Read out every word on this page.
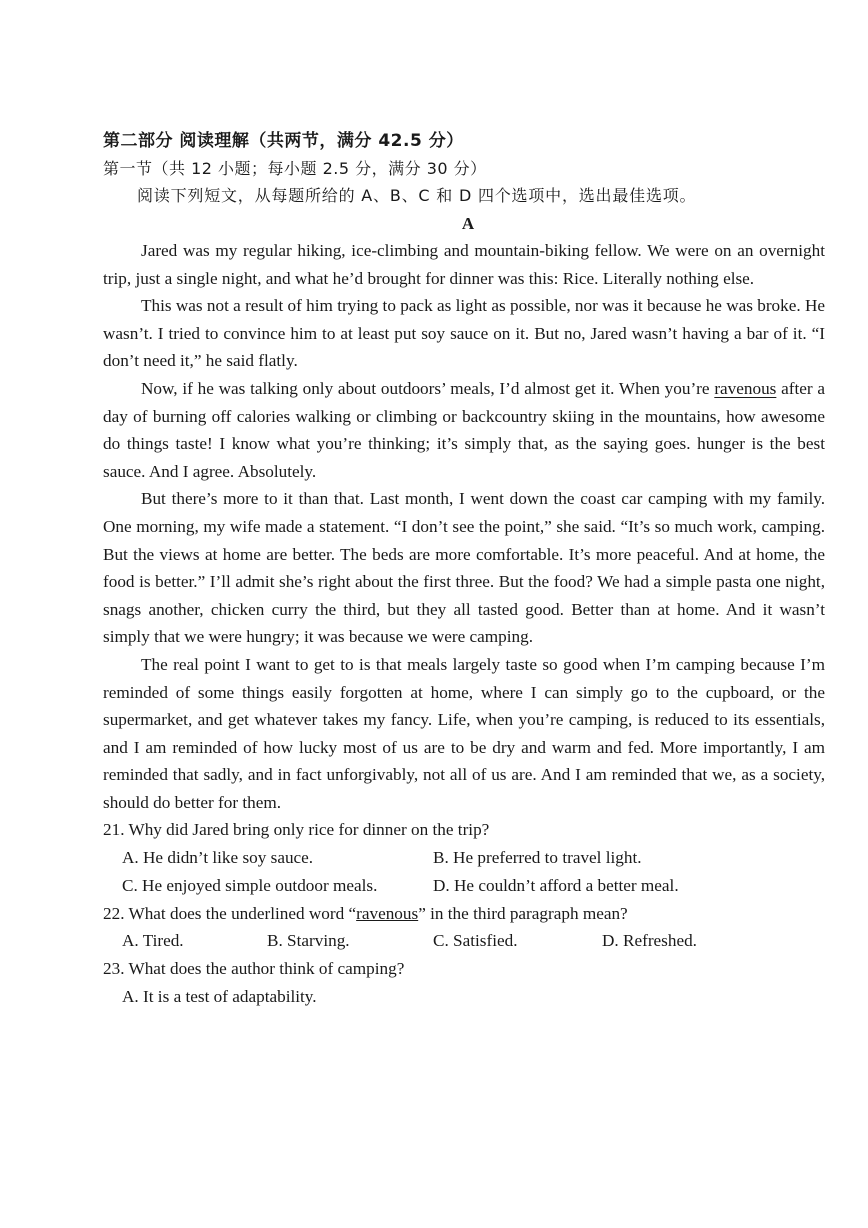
第二部分 阅读理解（共两节，满分 42.5 分）
第一节（共 12 小题；每小题 2.5 分，满分 30 分）
阅读下列短文，从每题所给的 A、B、C 和 D 四个选项中，选出最佳选项。
A

Jared was my regular hiking, ice-climbing and mountain-biking fellow. We were on an overnight trip, just a single night, and what he’d brought for dinner was this: Rice. Literally nothing else.

This was not a result of him trying to pack as light as possible, nor was it because he was broke. He wasn’t. I tried to convince him to at least put soy sauce on it. But no, Jared wasn’t having a bar of it. “I don’t need it,” he said flatly.

Now, if he was talking only about outdoors’ meals, I’d almost get it. When you’re ravenous after a day of burning off calories walking or climbing or backcountry skiing in the mountains, how awesome do things taste! I know what you’re thinking; it’s simply that, as the saying goes. hunger is the best sauce. And I agree. Absolutely.

But there’s more to it than that. Last month, I went down the coast car camping with my family. One morning, my wife made a statement. “I don’t see the point,” she said. “It’s so much work, camping. But the views at home are better. The beds are more comfortable. It’s more peaceful. And at home, the food is better.” I’ll admit she’s right about the first three. But the food? We had a simple pasta one night, snags another, chicken curry the third, but they all tasted good. Better than at home. And it wasn’t simply that we were hungry; it was because we were camping.

The real point I want to get to is that meals largely taste so good when I’m camping because I’m reminded of some things easily forgotten at home, where I can simply go to the cupboard, or the supermarket, and get whatever takes my fancy. Life, when you’re camping, is reduced to its essentials, and I am reminded of how lucky most of us are to be dry and warm and fed. More importantly, I am reminded that sadly, and in fact unforgivably, not all of us are. And I am reminded that we, as a society, should do better for them.

21. Why did Jared bring only rice for dinner on the trip?
A. He didn’t like soy sauce.	B. He preferred to travel light.
C. He enjoyed simple outdoor meals.	D. He couldn’t afford a better meal.
22. What does the underlined word “ravenous” in the third paragraph mean?
A. Tired.	B. Starving.	C. Satisfied.	D. Refreshed.
23. What does the author think of camping?
A. It is a test of adaptability.
